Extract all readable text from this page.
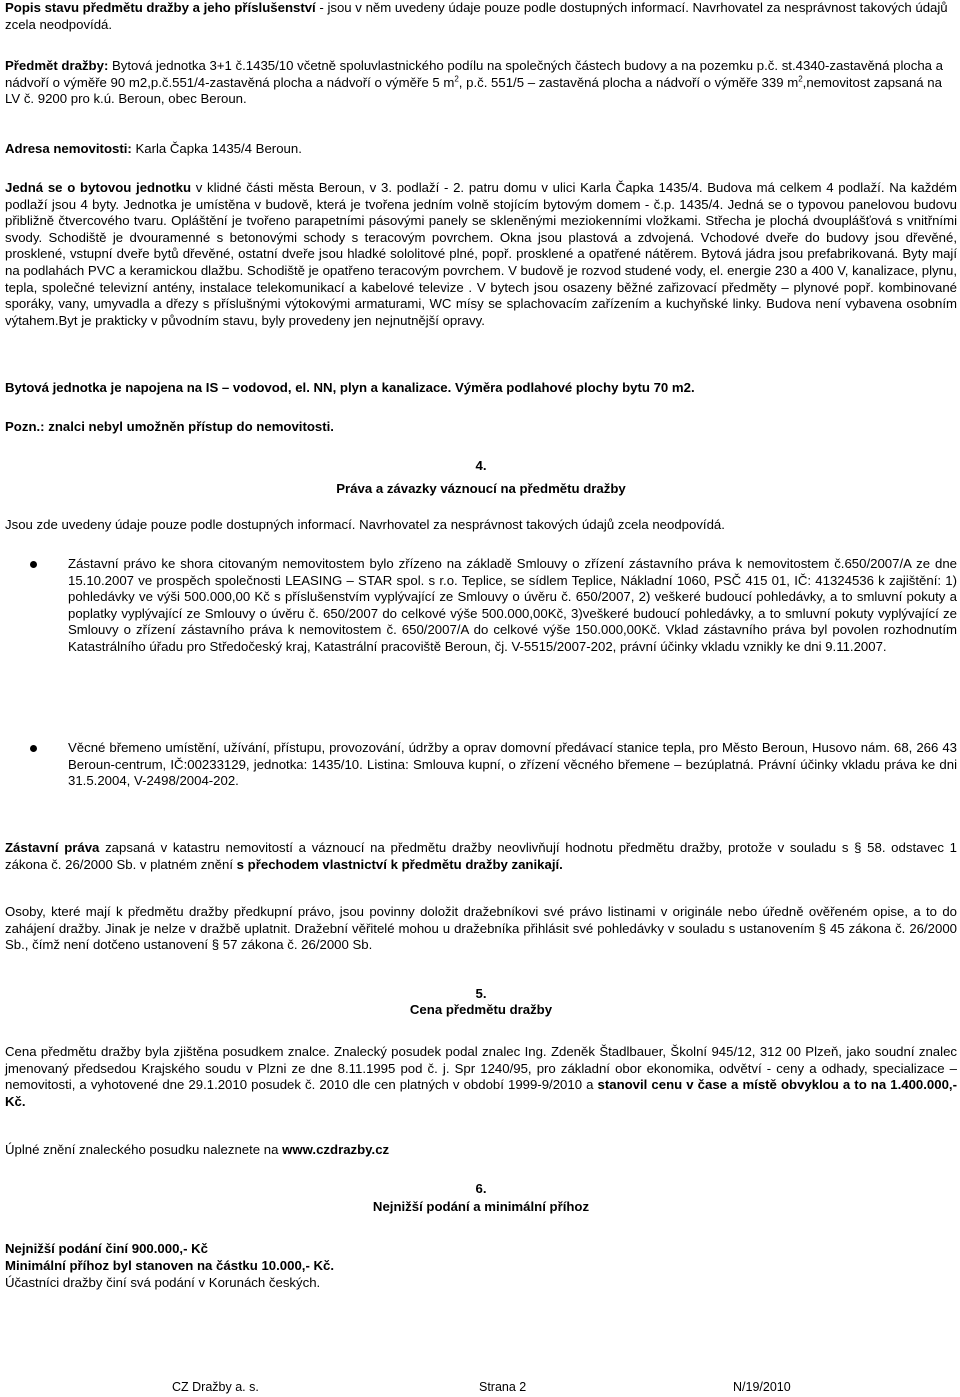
Popis stavu předmětu dražby a jeho příslušenství - jsou v něm uvedeny údaje pouze podle dostupných informací. Navrhovatel za nesprávnost takových údajů zcela neodpovídá.
Předmět dražby: Bytová jednotka 3+1 č.1435/10 včetně spoluvlastnického podílu na společných částech budovy a na pozemku p.č. st.4340-zastavěná plocha a nádvoří o výměře 90 m2,p.č.551/4-zastavěná plocha a nádvoří o výměře 5 $m^2$, p.č. 551/5 – zastavěná plocha a nádvoří o výměře 339 $m^2,nemovitost$ zapsaná na LV č. 9200 pro k.ú. Beroun, obec Beroun.
Adresa nemovitosti: Karla Čapka 1435/4 Beroun.
Jedná se o bytovou jednotku v klidné části města Beroun, v 3. podlaží - 2. patru domu v ulici Karla Čapka 1435/4. Budova má celkem 4 podlaží. Na každém podlaží jsou 4 byty. Jednotka je umístěna v budově, která je tvořena jedním volně stojícím bytovým domem - č.p. 1435/4. Jedná se o typovou panelovou budovu přibližně čtvercového tvaru. Opláštění je tvořeno parapetními pásovými panely se skleněnými meziokenními vložkami. Střecha je plochá dvouplášťová s vnitřními svody. Schodiště je dvouramenné s betonovými schody s teracovým povrchem. Okna jsou plastová a zdvojená. Vchodové dveře do budovy jsou dřevěné, prosklené, vstupní dveře bytů dřevěné, ostatní dveře jsou hladké sololitové plné, popř. prosklené a opatřené nátěrem. Bytová jádra jsou prefabrikovaná. Byty mají na podlahách PVC a keramickou dlažbu. Schodiště je opatřeno teracovým povrchem. V budově je rozvod studené vody, el. energie 230 a 400 V, kanalizace, plynu, tepla, společné televizní antény, instalace telekomunikací a kabelové televize . V bytech jsou osazeny běžné zařizovací předměty – plynové popř. kombinované sporáky, vany, umyvadla a dřezy s příslušnými výtokovými armaturami, WC mísy se splachovacím zařízením a kuchyňské linky. Budova není vybavena osobním výtahem.Byt je prakticky v původním stavu, byly provedeny jen nejnutnější opravy.
Bytová jednotka je napojena na IS – vodovod, el. NN, plyn a kanalizace. Výměra podlahové plochy bytu 70 m2.
Pozn.: znalci nebyl umožněn přístup do nemovitosti.
4.
Práva a závazky váznoucí na předmětu dražby
Jsou zde uvedeny údaje pouze podle dostupných informací. Navrhovatel za nesprávnost takových údajů zcela neodpovídá.
Zástavní právo ke shora citovaným nemovitostem bylo zřízeno na základě Smlouvy o zřízení zástavního práva k nemovitostem č.650/2007/A ze dne 15.10.2007 ve prospěch společnosti LEASING – STAR spol. s r.o. Teplice, se sídlem Teplice, Nákladní 1060, PSČ 415 01, IČ: 41324536 k zajištění: 1) pohledávky ve výši 500.000,00 Kč s příslušenstvím vyplývající ze Smlouvy o úvěru č. 650/2007, 2) veškeré budoucí pohledávky, a to smluvní pokuty a poplatky vyplývající ze Smlouvy o úvěru č. 650/2007 do celkové výše 500.000,00Kč, 3)veškeré budoucí pohledávky, a to smluvní pokuty vyplývající ze Smlouvy o zřízení zástavního práva k nemovitostem č. 650/2007/A do celkové výše 150.000,00Kč. Vklad zástavního práva byl povolen rozhodnutím Katastrálního úřadu pro Středočeský kraj, Katastrální pracoviště Beroun, čj. V-5515/2007-202, právní účinky vkladu vznikly ke dni 9.11.2007.
Věcné břemeno umístění, užívání, přístupu, provozování, údržby a oprav domovní předávací stanice tepla, pro Město Beroun, Husovo nám. 68, 266 43 Beroun-centrum, IČ:00233129, jednotka: 1435/10. Listina: Smlouva kupní, o zřízení věcného břemene – bezúplatná. Právní účinky vkladu práva ke dni 31.5.2004, V-2498/2004-202.
Zástavní práva zapsaná v katastru nemovitostí a váznoucí na předmětu dražby neovlivňují hodnotu předmětu dražby, protože v souladu s § 58. odstavec 1 zákona č. 26/2000 Sb. v platném znění s přechodem vlastnictví k předmětu dražby zanikají.
Osoby, které mají k předmětu dražby předkupní právo, jsou povinny doložit dražebníkovi své právo listinami v originále nebo úředně ověřeném opise, a to do zahájení dražby. Jinak je nelze v dražbě uplatnit. Dražební věřitelé mohou u dražebníka přihlásit své pohledávky v souladu s ustanovením § 45 zákona č. 26/2000 Sb., čímž není dotčeno ustanovení § 57 zákona č. 26/2000 Sb.
5.
Cena předmětu dražby
Cena předmětu dražby byla zjištěna posudkem znalce. Znalecký posudek podal znalec Ing. Zdeněk Štadlbauer, Školní 945/12, 312 00 Plzeň, jako soudní znalec jmenovaný předsedou Krajského soudu v Plzni ze dne 8.11.1995 pod č. j. Spr 1240/95, pro základní obor ekonomika, odvětví - ceny a odhady, specializace – nemovitosti, a vyhotovené dne 29.1.2010 posudek č. 2010 dle cen platných v období 1999-9/2010 a stanovil cenu v čase a místě obvyklou a to na 1.400.000,- Kč.
Úplné znění znaleckého posudku naleznete na www.czdrazby.cz
6.
Nejnižší podání a minimální příhoz
Nejnižší podání činí 900.000,- Kč
Minimální příhoz byl stanoven na částku 10.000,- Kč.
Účastníci dražby činí svá podání v Korunách českých.
CZ Dražby a. s.	Strana 2	N/19/2010
